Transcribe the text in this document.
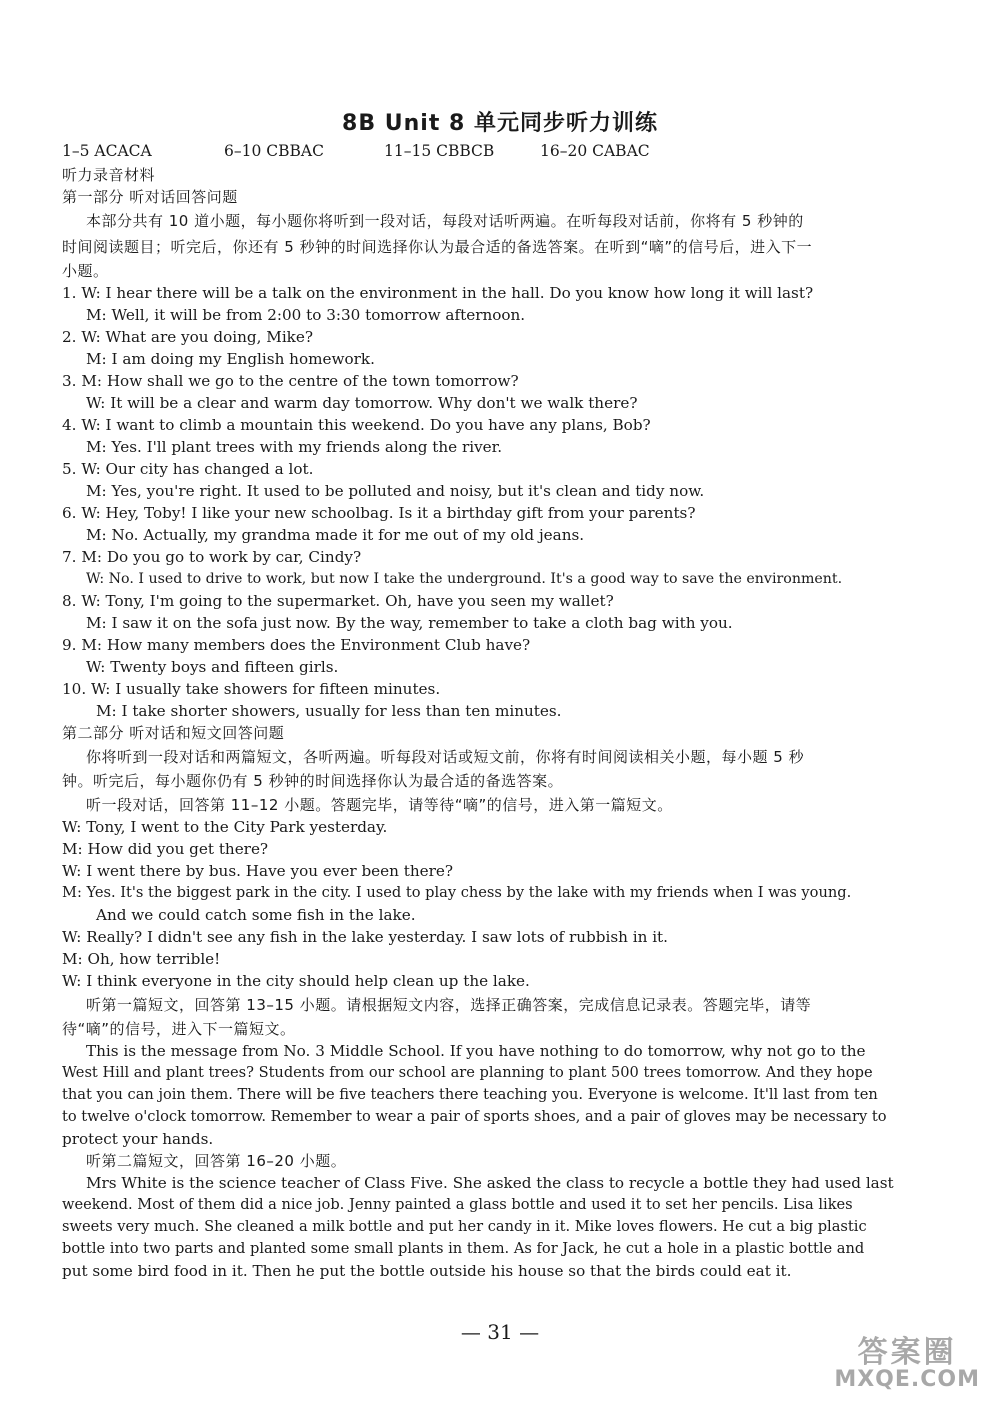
8B Unit 8 单元同步听力训练
1–5 ACACA	6–10 CBBAC	11–15 CBBCB	16–20 CABAC
听力录音材料
第一部分 听对话回答问题
本部分共有 10 道小题，每小题你将听到一段对话，每段对话听两遍。在听每段对话前，你将有 5 秒钟的
时间阅读题目；听完后，你还有 5 秒钟的时间选择你认为最合适的备选答案。在听到“嘀”的信号后，进入下一
小题。
1. W: I hear there will be a talk on the environment in the hall. Do you know how long it will last?
M: Well, it will be from 2:00 to 3:30 tomorrow afternoon.
2. W: What are you doing, Mike?
M: I am doing my English homework.
3. M: How shall we go to the centre of the town tomorrow?
W: It will be a clear and warm day tomorrow. Why don't we walk there?
4. W: I want to climb a mountain this weekend. Do you have any plans, Bob?
M: Yes. I'll plant trees with my friends along the river.
5. W: Our city has changed a lot.
M: Yes, you're right. It used to be polluted and noisy, but it's clean and tidy now.
6. W: Hey, Toby! I like your new schoolbag. Is it a birthday gift from your parents?
M: No. Actually, my grandma made it for me out of my old jeans.
7. M: Do you go to work by car, Cindy?
W: No. I used to drive to work, but now I take the underground. It's a good way to save the environment.
8. W: Tony, I'm going to the supermarket. Oh, have you seen my wallet?
M: I saw it on the sofa just now. By the way, remember to take a cloth bag with you.
9. M: How many members does the Environment Club have?
W: Twenty boys and fifteen girls.
10. W: I usually take showers for fifteen minutes.
M: I take shorter showers, usually for less than ten minutes.
第二部分 听对话和短文回答问题
你将听到一段对话和两篇短文，各听两遍。听每段对话或短文前，你将有时间阅读相关小题，每小题 5 秒
钟。听完后，每小题你仍有 5 秒钟的时间选择你认为最合适的备选答案。
听一段对话，回答第 11–12 小题。答题完毕，请等待“嘀”的信号，进入第一篇短文。
W: Tony, I went to the City Park yesterday.
M: How did you get there?
W: I went there by bus. Have you ever been there?
M: Yes. It's the biggest park in the city. I used to play chess by the lake with my friends when I was young.
And we could catch some fish in the lake.
W: Really? I didn't see any fish in the lake yesterday. I saw lots of rubbish in it.
M: Oh, how terrible!
W: I think everyone in the city should help clean up the lake.
听第一篇短文，回答第 13–15 小题。请根据短文内容，选择正确答案，完成信息记录表。答题完毕，请等
待“嘀”的信号，进入下一篇短文。
This is the message from No. 3 Middle School. If you have nothing to do tomorrow, why not go to the
West Hill and plant trees? Students from our school are planning to plant 500 trees tomorrow. And they hope
that you can join them. There will be five teachers there teaching you. Everyone is welcome. It'll last from ten
to twelve o'clock tomorrow. Remember to wear a pair of sports shoes, and a pair of gloves may be necessary to
protect your hands.
听第二篇短文，回答第 16–20 小题。
Mrs White is the science teacher of Class Five. She asked the class to recycle a bottle they had used last
weekend. Most of them did a nice job. Jenny painted a glass bottle and used it to set her pencils. Lisa likes
sweets very much. She cleaned a milk bottle and put her candy in it. Mike loves flowers. He cut a big plastic
bottle into two parts and planted some small plants in them. As for Jack, he cut a hole in a plastic bottle and
put some bird food in it. Then he put the bottle outside his house so that the birds could eat it.
— 31 —
答案圈
MXQE.COM
